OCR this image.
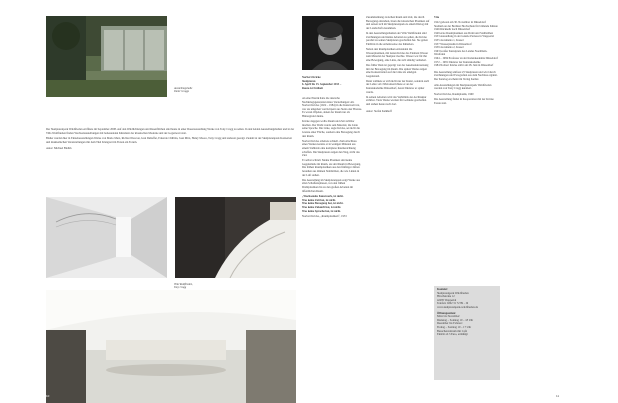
Ausstellungshalle
Dieter Gruggs

Der Skulpturenpark Waldfrieden eröffnete im September 2008. Auf den Waldlichtungen und Rasenflächen sind heute in einer Dauerausstellung Werke von Tony Cragg zu sehen. In den beiden Ausstellungshallen und in der Villa Waldfrieden finden Wechselausstellungen mit bedeutenden Künstlern der klassischen Moderne und der Gegenwart statt.

Bisher wurden hier in Einzelausstellungen Werke von Mario Merz, Richard Deacon, Jean Dubuffet, Eduardo Chillida, Joan Miró, Henry Moore, Tony Cragg und anderen gezeigt. Zudem ist der Skulpturenpark Konzerten und musikalischen Veranstaltungen mit dem Titel KlangArt im Freien ein Forum.

Autor: Michael Blohm

Villa Waldfrieden,
Tony Cragg
10
Norbert Kricke
Skulpturen
6. April bis 15. September 2013 –
Raum ist Freiheit

An eine Plastik hatte die deutsche Nachkriegsgeneration klare Vorstellungen: Als Norbert Kricke (1922 – 1984) in die Kunstwelt trat, war sie umgeben von Körpern aus Stein oder Bronze. Es waren Objekte, denen der Raum nur als Hintergrund diente.

Kricke dagegen wollte Raum und Zeit sichtbar machen. Der Draht wurde sein Material, die Linie seine Sprache. Die Linie, sagte Kricke, sei nicht die Grenze einer Fläche, sondern eine Bewegung durch den Raum.

Norbert Kricke arbeitete schnell. Zum Abschluss eines Werkes konnte er in wenigen Minuten aus einem Stahlstab eine komplexe Raumzeichnung schaffen. Die Skulpturen zeigen den Weg, nicht das Ziel.

Er selbst schrieb: Meine Plastiken sind keine Gegenstände im Raum, sie sind Raum in Bewegung. Die frühen Raumplastiken aus den fünfziger Jahren bestehen aus dünnen Stahlstäben, die wie Linien in der Luft stehen.

Die Ausstellung im Skulpturenpark zeigt Werke aus allen Schaffensphasen, von den frühen Drahtplastiken bis zu den großen Arbeiten im öffentlichen Raum.

„Wachsendes Kunstwerk, ist nicht.
Was keine Zeit hat, ist nicht.
Was keine Bewegung hat, ist nicht.
Was keine Zukunft hat, ist nicht.
Was keine Sprache hat, ist nicht.

Norbert Kricke, „Raumplastiken“, 1953

Zusammenhang zwischen Raum und Zeit, die durch Bewegung entstehen, lösen die klassischen Plastiken auf und setzen sich im Skulpturenpark zu einem Dialog mit der Landschaft zusammen.

In den Ausstellungsräumen der Villa Waldfrieden sind Zeichnungen und kleine Arbeiten zu sehen, die Kricke parallel zu seinen Skulpturen geschaffen hat. Sie geben Einblick in die Arbeitsweise des Künstlers.

Neben den Raumplastiken entstanden die Wasserplastiken, mit denen Kricke das Element Wasser zum Material der Skulptur machte. Wasser war für ihn eine Bewegung, eine Linie, die sich ständig verändert.

Das frühe Werk ist geprägt von der Auseinandersetzung mit der Bewegung im Raum. Die späten Werke zeigen eine Konzentration auf die Linie als einzigen Gegenstand.

Dann widmete er sich nicht nur der Kunst, sondern auch der Lehre: Ab 1964 unterrichtete er an der Kunstakademie Düsseldorf, deren Direktor er später wurde.

In seinen Arbeiten wird das Verhältnis zur Architektur sichtbar. Viele Werke wurden für Gebäude geschaffen und stehen heute noch dort.

Autor: Stefan Kalkhoff

Vita
1922 geboren am 30. November in Düsseldorf
Studium an der Berliner Hochschule für bildende Künste
1946 Rückkehr nach Düsseldorf
1949 erste Raumplastiken aus Draht und Stahlstäben
1953 Ausstellung in der Galerie Parnass in Wuppertal
1955 documenta 1, Kassel
1957 Wasserplastik in Düsseldorf
1959 documenta 2, Kassel
1963 Großer Kunstpreis des Landes Nordrhein-Westfalen
1964 – 1984 Professor an der Kunstakademie Düsseldorf
1972 – 1981 Direktor der Kunstakademie
1984 Norbert Kricke stirbt am 28. Juni in Düsseldorf

Die Ausstellung umfasst 25 Skulpturen und wird durch Zeichnungen und Fotografien aus dem Nachlass ergänzt. Der Katalog erscheint im Verlag Kettler.

Alle Ausstellungen im Skulpturenpark Waldfrieden werden von Tony Cragg kuratiert.

Norbert Kricke, Raumplastik, 1960

Die Ausstellung findet in Kooperation mit der Kricke Estate statt.

Kontakt:
Skulpturenpark Waldfrieden
Hirschstraße 12
42285 Wuppertal
Telefon: 0202 31 72 89 - 19
www.skulpturenpark-waldfrieden.de
Öffnungszeiten:
März bis November:
Dienstag – Sonntag 10 – 18 Uhr
Dezember bis Februar:
Freitag – Sonntag 10 – 17 Uhr
Besucherzentrum mit Café
Eintritt ab 3 Euro, ermäßigt
11
